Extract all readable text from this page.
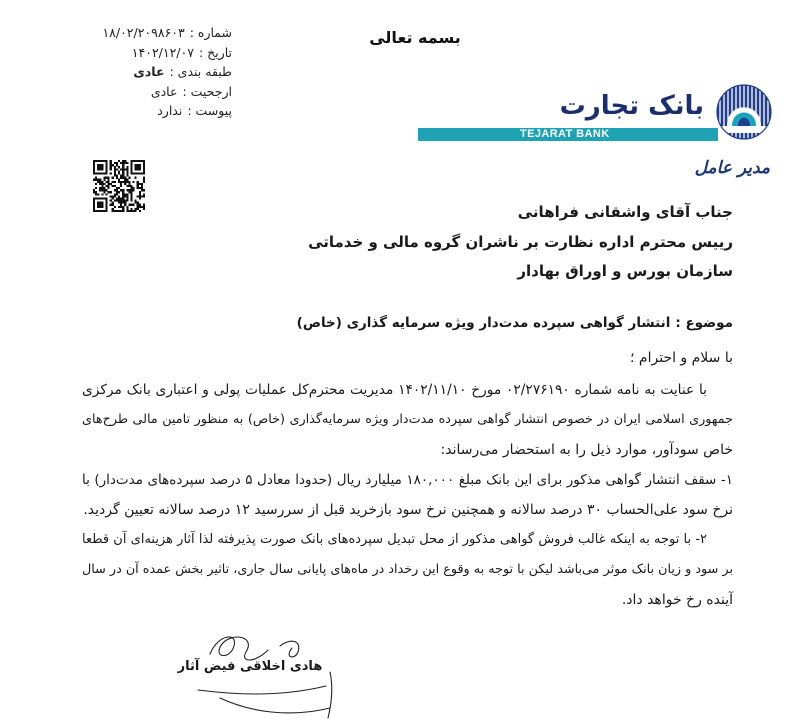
بسمه تعالی
شماره :۱۸/۰۲/۲۰۹۸۶۰۳
تاریخ :۱۴۰۲/۱۲/۰۷
طبقه بندی :عادی
ارجحیت :عادی
پیوست :ندارد
TEJARAT BANK
بانک تجارت
مدیر عامل
جناب آقای واشقانی فراهانی
رییس محترم اداره نظارت بر ناشران گروه مالی و خدماتی
سازمان بورس و اوراق بهادار
موضوع :انتشار گواهی سپرده مدت‌دار ویژه سرمایه گذاری (خاص)
با سلام و احترام ؛
با عنایت به نامه شماره ۰۲/۲۷۶۱۹۰ مورخ ۱۴۰۲/۱۱/۱۰ مدیریت محترم‌کل عملیات پولی و اعتباری بانک مرکزی
جمهوری اسلامی ایران در خصوص انتشار گواهی سپرده مدت‌دار ویژه سرمایه‌گذاری (خاص) به منظور تامین مالی طرح‌های
خاص سودآور، موارد ذیل را به استحضار می‌رساند:
۱- سقف انتشار گواهی مذکور برای این بانک مبلغ ۱۸۰,۰۰۰ میلیارد ریال (حدودا معادل ۵ درصد سپرده‌های مدت‌دار) با
نرخ سود علی‌الحساب ۳۰ درصد سالانه و همچنین نرخ سود بازخرید قبل از سررسید ۱۲ درصد سالانه تعیین گردید.
۲- با توجه به اینکه غالب فروش گواهی مذکور از محل تبدیل سپرده‌های بانک صورت پذیرفته لذا آثار هزینه‌ای آن قطعا
بر سود و زیان بانک موثر می‌باشد لیکن با توجه به وقوع این رخداد در ماه‌های پایانی سال جاری، تاثیر بخش عمده آن در سال
آینده رخ خواهد داد.
هادی اخلاقی فیض آثار
